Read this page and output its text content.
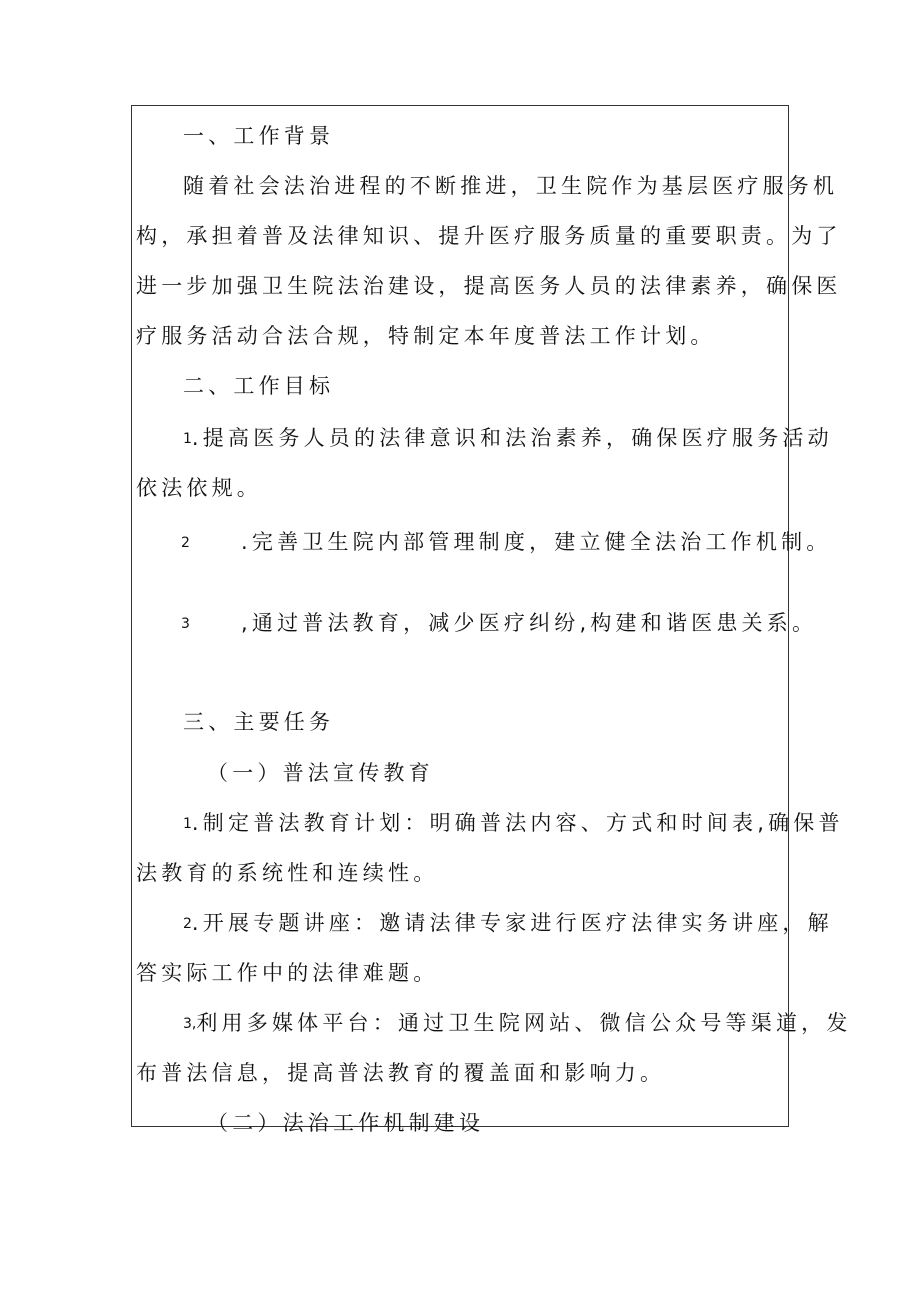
一、工作背景
随着社会法治进程的不断推进，卫生院作为基层医疗服务机
构，承担着普及法律知识、提升医疗服务质量的重要职责。为了
进一步加强卫生院法治建设，提高医务人员的法律素养，确保医
疗服务活动合法合规，特制定本年度普法工作计划。
二、工作目标
1.提高医务人员的法律意识和法治素养，确保医疗服务活动
依法依规。
2 .完善卫生院内部管理制度，建立健全法治工作机制。
3 ,通过普法教育，减少医疗纠纷,构建和谐医患关系。
三、主要任务
（一）普法宣传教育
1.制定普法教育计划：明确普法内容、方式和时间表,确保普
法教育的系统性和连续性。
2.开展专题讲座：邀请法律专家进行医疗法律实务讲座，解
答实际工作中的法律难题。
3,利用多媒体平台：通过卫生院网站、微信公众号等渠道，发
布普法信息，提高普法教育的覆盖面和影响力。
（二）法治工作机制建设
